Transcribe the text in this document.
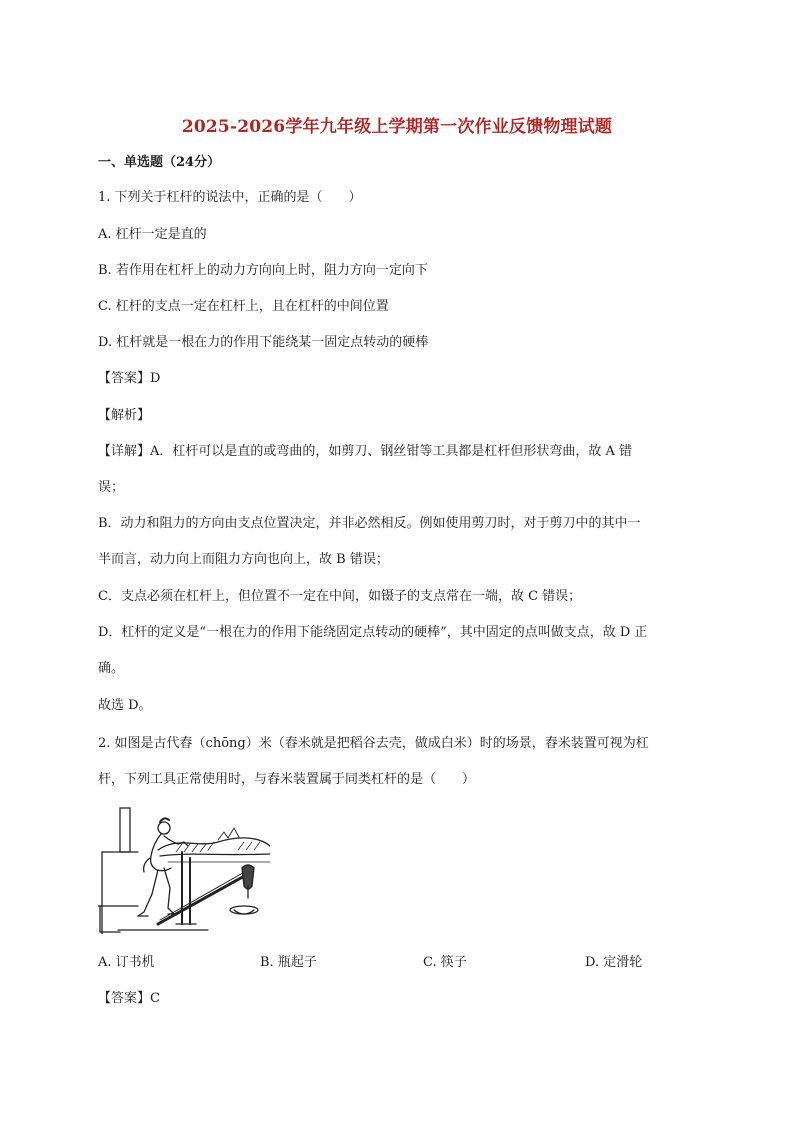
2025-2026学年九年级上学期第一次作业反馈物理试题
一、单选题（24分）
1. 下列关于杠杆的说法中，正确的是（　　）
A. 杠杆一定是直的
B. 若作用在杠杆上的动力方向向上时，阻力方向一定向下
C. 杠杆的支点一定在杠杆上，且在杠杆的中间位置
D. 杠杆就是一根在力的作用下能绕某一固定点转动的硬棒
【答案】D
【解析】
【详解】A．杠杆可以是直的或弯曲的，如剪刀、钢丝钳等工具都是杠杆但形状弯曲，故 A 错
误；
B．动力和阻力的方向由支点位置决定，并非必然相反。例如使用剪刀时，对于剪刀中的其中一
半而言，动力向上而阻力方向也向上，故 B 错误；
C．支点必须在杠杆上，但位置不一定在中间，如镊子的支点常在一端，故 C 错误；
D．杠杆的定义是“一根在力的作用下能绕固定点转动的硬棒”，其中固定的点叫做支点，故 D 正
确。
故选 D。
2. 如图是古代舂（chōng）米（舂米就是把稻谷去壳，做成白米）时的场景，舂米装置可视为杠
杆，下列工具正常使用时，与舂米装置属于同类杠杆的是（　　）
A. 订书机	B. 瓶起子	C. 筷子	D. 定滑轮
【答案】C
